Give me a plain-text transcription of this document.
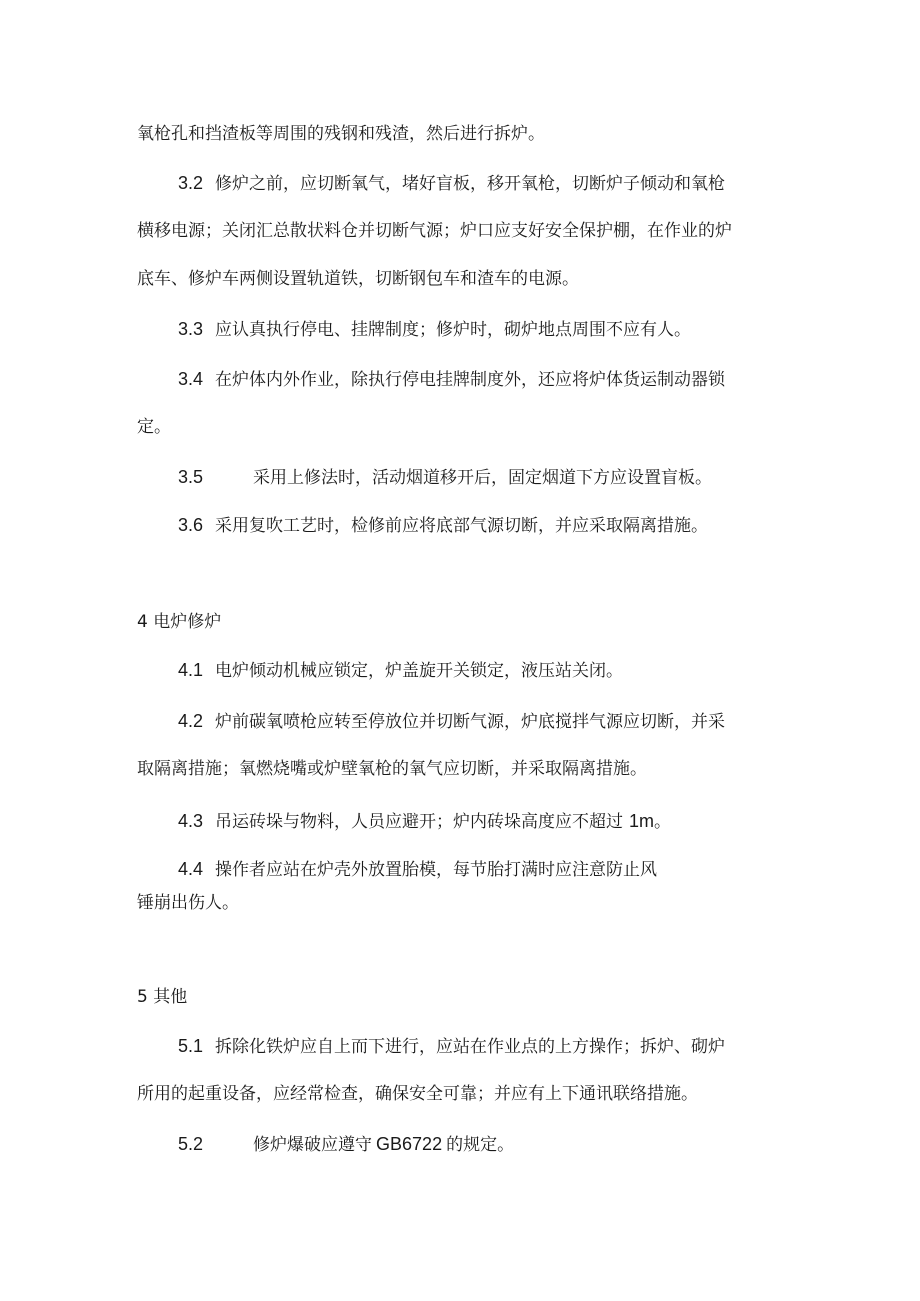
氧枪孔和挡渣板等周围的残钢和残渣，然后进行拆炉。
3.2 修炉之前，应切断氧气，堵好盲板，移开氧枪，切断炉子倾动和氧枪
横移电源；关闭汇总散状料仓并切断气源；炉口应支好安全保护棚，在作业的炉
底车、修炉车两侧设置轨道铁，切断钢包车和渣车的电源。
3.3 应认真执行停电、挂牌制度；修炉时，砌炉地点周围不应有人。
3.4 在炉体内外作业，除执行停电挂牌制度外，还应将炉体货运制动器锁
定。
3.5	采用上修法时，活动烟道移开后，固定烟道下方应设置盲板。
3.6 采用复吹工艺时，检修前应将底部气源切断，并应采取隔离措施。
4 电炉修炉
4.1 电炉倾动机械应锁定，炉盖旋开关锁定，液压站关闭。
4.2 炉前碳氧喷枪应转至停放位并切断气源，炉底搅拌气源应切断，并采
取隔离措施；氧燃烧嘴或炉壁氧枪的氧气应切断，并采取隔离措施。
4.3 吊运砖垛与物料，人员应避开；炉内砖垛高度应不超过 1m。
4.4 操作者应站在炉壳外放置胎模，每节胎打满时应注意防止风
锤崩出伤人。
5 其他
5.1 拆除化铁炉应自上而下进行，应站在作业点的上方操作；拆炉、砌炉
所用的起重设备，应经常检查，确保安全可靠；并应有上下通讯联络措施。
5.2	修炉爆破应遵守 GB6722 的规定。
